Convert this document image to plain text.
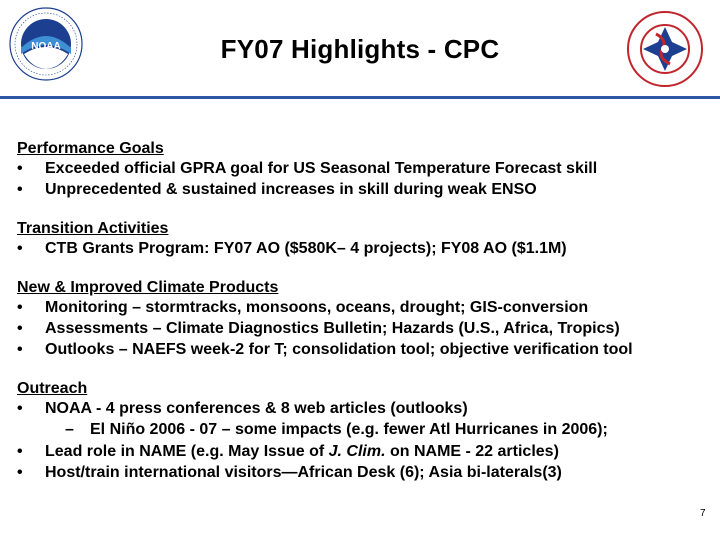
NOAA	FY07 Highlights - CPC
Performance Goals
•	Exceeded official GPRA goal for US Seasonal Temperature Forecast skill
•	Unprecedented & sustained increases in skill during weak ENSO
Transition Activities
•	CTB Grants Program: FY07 AO ($580K– 4 projects); FY08 AO ($1.1M)
New & Improved Climate Products
•	Monitoring – stormtracks, monsoons, oceans, drought; GIS-conversion
•	Assessments – Climate Diagnostics Bulletin; Hazards (U.S., Africa, Tropics)
•	Outlooks – NAEFS week-2 for T; consolidation tool; objective verification tool
Outreach
•	NOAA - 4 press conferences & 8 web articles (outlooks)
– El Niño 2006 - 07 – some impacts (e.g. fewer Atl Hurricanes in 2006);
•	Lead role in NAME (e.g. May Issue of J. Clim. on NAME - 22 articles)
•	Host/train international visitors—African Desk (6); Asia bi-laterals(3)
7
